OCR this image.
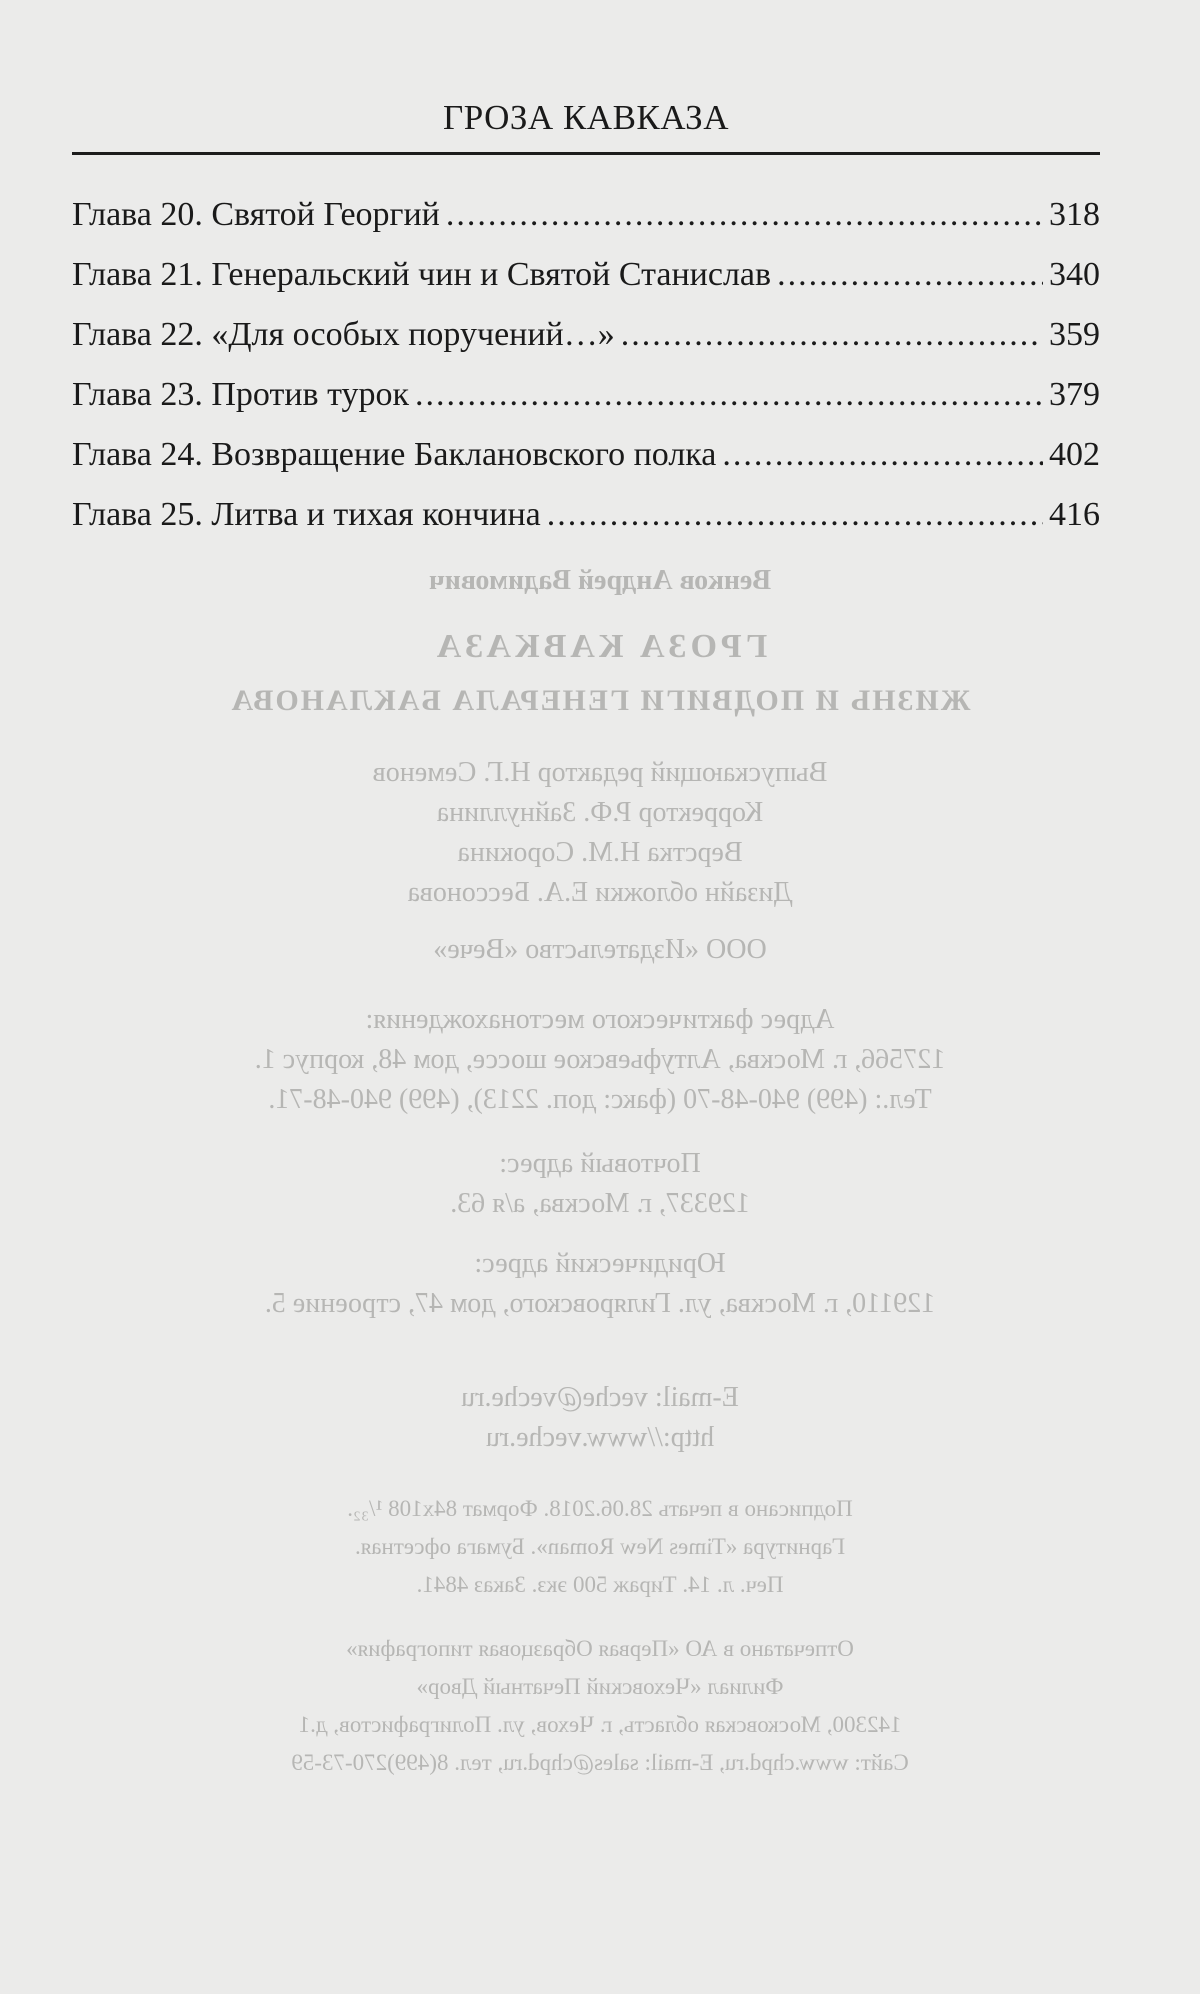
Венков Андрей Вадимович
ГРОЗА КАВКАЗА
ЖИЗНЬ И ПОДВИГИ ГЕНЕРАЛА БАКЛАНОВА
Выпускающий редактор Н.Г. Семенов
Корректор Р.Ф. Зайнуллина
Верстка Н.М. Сорокина
Дизайн обложки Е.А. Бессонова
ООО «Издательство «Вече»
Адрес фактического местонахождения:
127566, г. Москва, Алтуфьевское шоссе, дом 48, корпус 1.
Тел.: (499) 940-48-70 (факс: доп. 2213), (499) 940-48-71.
Почтовый адрес:
129337, г. Москва, а/я 63.
Юридический адрес:
129110, г. Москва, ул. Гиляровского, дом 47, строение 5.
E-mail: veche@veche.ru
http://www.veche.ru
Подписано в печать 28.06.2018. Формат 84х108 ¹/₃₂.
Гарнитура «Times New Roman». Бумага офсетная.
Печ. л. 14. Тираж 500 экз. Заказ 4841.
Отпечатано в АО «Первая Образцовая типография»
Филиал «Чеховский Печатный Двор»
142300, Московская область, г. Чехов, ул. Полиграфистов, д.1
Сайт: www.chpd.ru, E-mail: sales@chpd.ru, тел. 8(499)270-73-59
ГРОЗА КАВКАЗА
Глава 20. Святой Георгий .....	318
Глава 21. Генеральский чин и Святой Станислав .....	340
Глава 22. «Для особых поручений…» .....	359
Глава 23. Против турок .....	379
Глава 24. Возвращение Баклановского полка .....	402
Глава 25. Литва и тихая кончина .....	416
